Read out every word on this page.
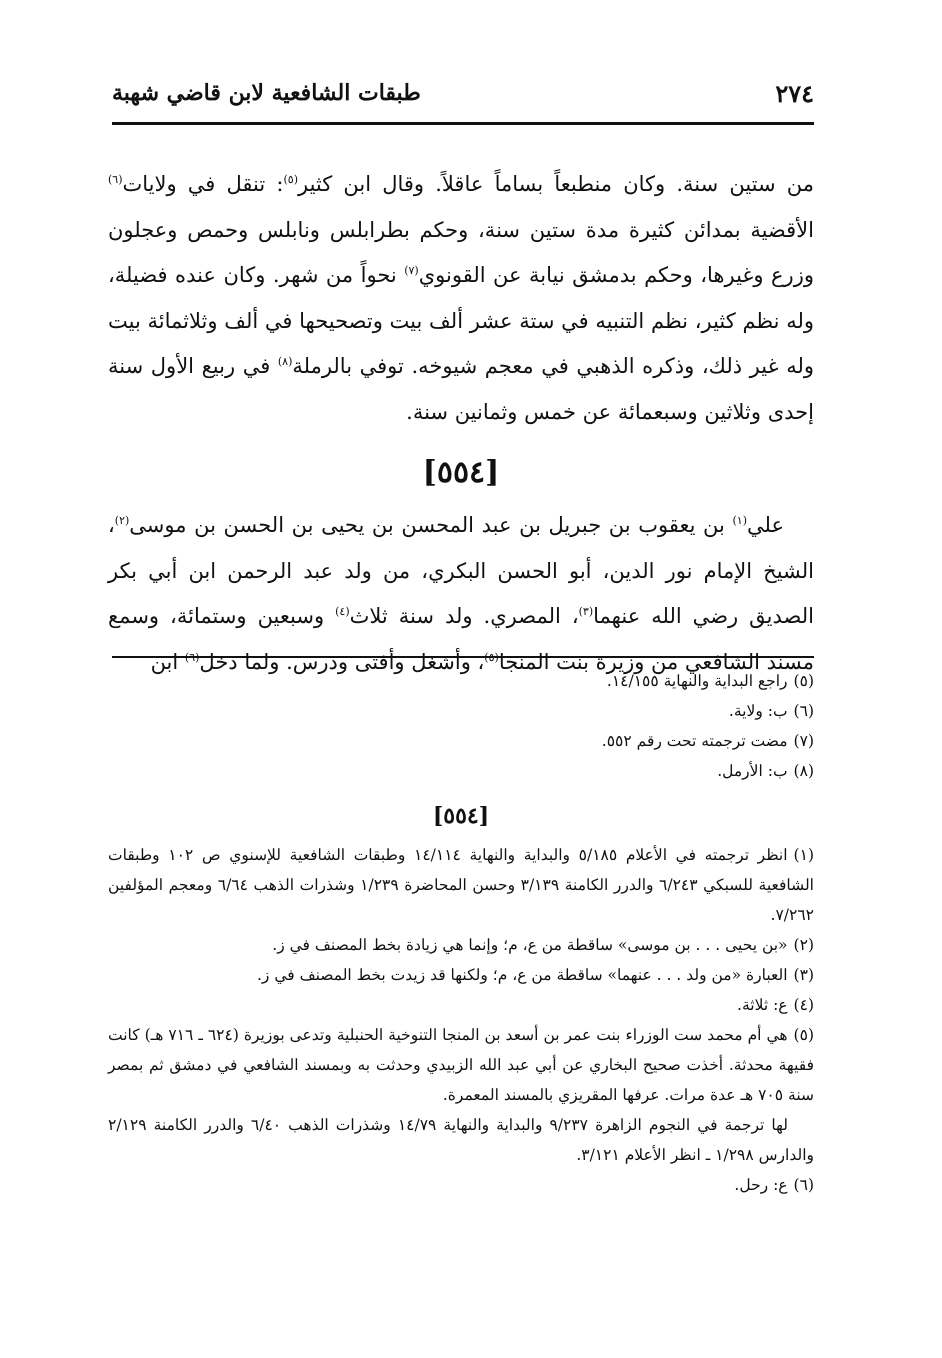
٢٧٤
طبقات الشافعية لابن قاضي شهبة

من ستين سنة. وكان منطبعاً بساماً عاقلاً. وقال ابن كثير$^{(٥)}$: تنقل في ولايات$^{(٦)}$ الأقضية بمدائن كثيرة مدة ستين سنة، وحكم بطرابلس ونابلس وحمص وعجلون وزرع وغيرها، وحكم بدمشق نيابة عن القونوي$^{(٧)}$ نحواً من شهر. وكان عنده فضيلة، وله نظم كثير، نظم التنبيه في ستة عشر ألف بيت وتصحيحها في ألف وثلاثمائة بيت وله غير ذلك، وذكره الذهبي في معجم شيوخه. توفي بالرملة$^{(٨)}$ في ربيع الأول سنة إحدى وثلاثين وسبعمائة عن خمس وثمانين سنة.

[٥٥٤]

علي$^{(١)}$ بن يعقوب بن جبريل بن عبد المحسن بن يحيى بن الحسن بن موسى$^{(٢)}$، الشيخ الإمام نور الدين، أبو الحسن البكري، من ولد عبد الرحمن ابن أبي بكر الصديق رضي الله عنهما$^{(٣)}$، المصري. ولد سنة ثلاث$^{(٤)}$ وسبعين وستمائة، وسمع مسند الشافعي من وزيرة بنت المنجا$^{(٥)}$، وأشغل وأفتى ودرس. ولما دخل$^{(٦)}$ ابن

(٥)راجع البداية والنهاية ١٤/١٥٥.

(٦)ب: ولاية.

(٧)مضت ترجمته تحت رقم ٥٥٢.

(٨)ب: الأرمل.

[٥٥٤]

(١)انظر ترجمته في الأعلام ٥/١٨٥ والبداية والنهاية ١٤/١١٤ وطبقات الشافعية للإسنوي ص ١٠٢ وطبقات الشافعية للسبكي ٦/٢٤٣ والدرر الكامنة ٣/١٣٩ وحسن المحاضرة ١/٢٣٩ وشذرات الذهب ٦/٦٤ ومعجم المؤلفين ٧/٢٦٢.

(٢)«بن يحيى . . . بن موسى» ساقطة من ع، م؛ وإنما هي زيادة بخط المصنف في ز.

(٣)العبارة «من ولد . . . عنهما» ساقطة من ع، م؛ ولكنها قد زيدت بخط المصنف في ز.

(٤)ع: ثلاثة.

(٥)هي أم محمد ست الوزراء بنت عمر بن أسعد بن المنجا التنوخية الحنبلية وتدعى بوزيرة (٦٢٤ ـ ٧١٦ هـ) كانت فقيهة محدثة. أخذت صحيح البخاري عن أبي عبد الله الزبيدي وحدثت به وبمسند الشافعي في دمشق ثم بمصر سنة ٧٠٥ هـ عدة مرات. عرفها المقريزي بالمسند المعمرة.

لها ترجمة في النجوم الزاهرة ٩/٢٣٧ والبداية والنهاية ١٤/٧٩ وشذرات الذهب ٦/٤٠ والدرر الكامنة ٢/١٢٩ والدارس ١/٢٩٨ ـ انظر الأعلام ٣/١٢١.

(٦)ع: رحل.
